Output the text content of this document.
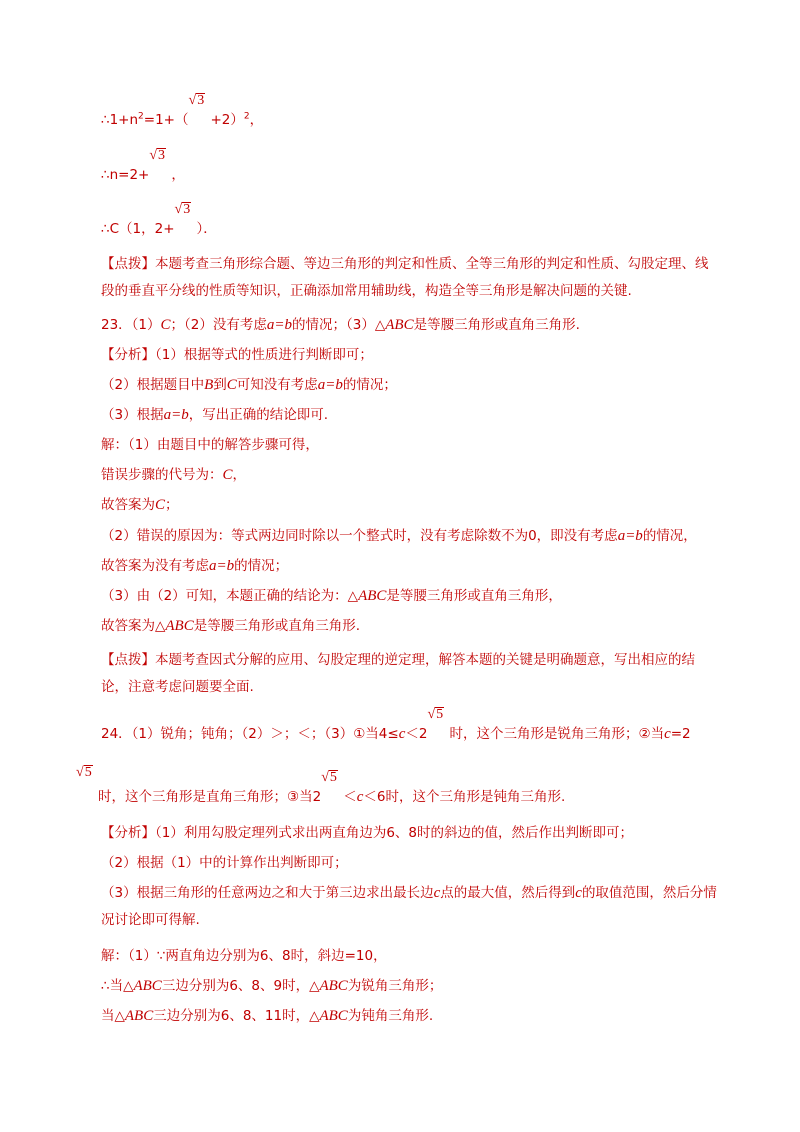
$\therefore 1+n^2=1+$（
√3
+2）$^2$，
∴n=2+
√3
，
∴C（1，2+
√3
）．
【点拨】本题考查三角形综合题、等边三角形的判定和性质、全等三角形的判定和性质、勾股定理、线段的垂直平分线的性质等知识，正确添加常用辅助线，构造全等三角形是解决问题的关键.
23．（1）C；（2）没有考虑a=b的情况；（3）△ABC是等腰三角形或直角三角形.
【分析】（1）根据等式的性质进行判断即可；
（2）根据题目中B到C可知没有考虑a=b的情况；
（3）根据a=b，写出正确的结论即可.
解：（1）由题目中的解答步骤可得，
错误步骤的代号为：C，
故答案为C；
（2）错误的原因为：等式两边同时除以一个整式时，没有考虑除数不为0，即没有考虑a=b的情况，
故答案为没有考虑a=b的情况；
（3）由（2）可知，本题正确的结论为：△ABC是等腰三角形或直角三角形，
故答案为△ABC是等腰三角形或直角三角形.
【点拨】本题考查因式分解的应用、勾股定理的逆定理，解答本题的关键是明确题意，写出相应的结论，注意考虑问题要全面.
24．（1）锐角；钝角；（2）＞；＜；（3）①当4≤c＜2
√5
时，这个三角形是锐角三角形；②当c=2
√5
时，这个三角形是直角三角形；③当2
√5
＜c＜6时，这个三角形是钝角三角形.
【分析】（1）利用勾股定理列式求出两直角边为6、8时的斜边的值，然后作出判断即可；
（2）根据（1）中的计算作出判断即可；
（3）根据三角形的任意两边之和大于第三边求出最长边c点的最大值，然后得到c的取值范围，然后分情况讨论即可得解.
解：（1）∵两直角边分别为6、8时，斜边=10，
∴当△ABC三边分别为6、8、9时，△ABC为锐角三角形；
当△ABC三边分别为6、8、11时，△ABC为钝角三角形.
